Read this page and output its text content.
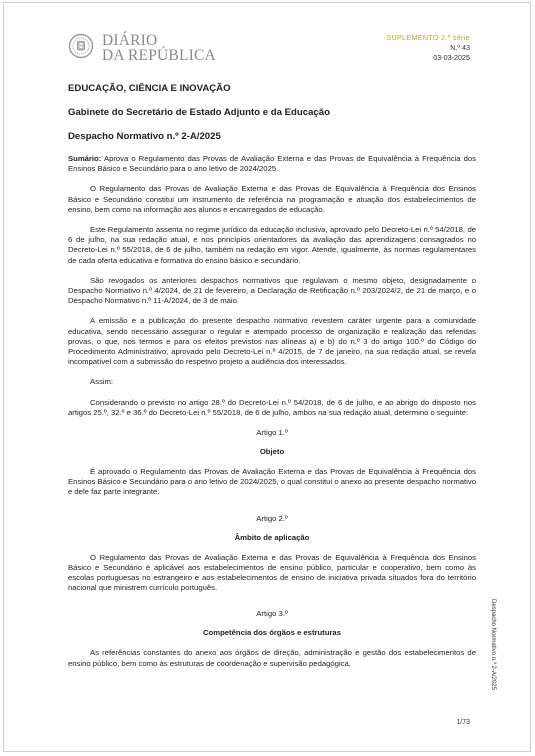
DIÁRIO
DA REPÚBLICA
SUPLEMENTO 2.ª série
N.º 43
03-03-2025
EDUCAÇÃO, CIÊNCIA E INOVAÇÃO
Gabinete do Secretário de Estado Adjunto e da Educação
Despacho Normativo n.º 2-A/2025

Sumário: Aprova o Regulamento das Provas de Avaliação Externa e das Provas de Equivalência à Frequência dos Ensinos Básico e Secundário para o ano letivo de 2024/2025.

O Regulamento das Provas de Avaliação Externa e das Provas de Equivalência à Frequência dos Ensinos Básico e Secundário constitui um instrumento de referência na programação e atuação dos estabelecimentos de ensino, bem como na informação aos alunos e encarregados de educação.

Este Regulamento assenta no regime jurídico da educação inclusiva, aprovado pelo Decreto-Lei n.º 54/2018, de 6 de julho, na sua redação atual, e nos princípios orientadores da avaliação das aprendizagens consagrados no Decreto-Lei n.º 55/2018, de 6 de julho, também na redação em vigor. Atende, igualmente, às normas regulamentares de cada oferta educativa e formativa do ensino básico e secundário.

São revogados os anteriores despachos normativos que regulavam o mesmo objeto, designadamente o Despacho Normativo n.º 4/2024, de 21 de fevereiro, a Declaração de Retificação n.º 203/2024/2, de 21 de março, e o Despacho Normativo n.º 11-A/2024, de 3 de maio.

A emissão e a publicação do presente despacho normativo revestem caráter urgente para a comunidade educativa, sendo necessário assegurar o regular e atempado processo de organização e realização das referidas provas, o que, nos termos e para os efeitos previstos nas alíneas a) e b) do n.º 3 do artigo 100.º do Código do Procedimento Administrativo, aprovado pelo Decreto-Lei n.º 4/2015, de 7 de janeiro, na sua redação atual, se revela incompatível com a submissão do respetivo projeto a audiência dos interessados.

Assim:

Considerando o previsto no artigo 28.º do Decreto-Lei n.º 54/2018, de 6 de julho, e ao abrigo do disposto nos artigos 25.º, 32.º e 36.º do Decreto-Lei n.º 55/2018, de 6 de julho, ambos na sua redação atual, determino o seguinte:

Artigo 1.º
Objeto

É aprovado o Regulamento das Provas de Avaliação Externa e das Provas de Equivalência à Frequência dos Ensinos Básico e Secundário para o ano letivo de 2024/2025, o qual constitui o anexo ao presente despacho normativo e dele faz parte integrante.

Artigo 2.º
Âmbito de aplicação

O Regulamento das Provas de Avaliação Externa e das Provas de Equivalência à Frequência dos Ensinos Básico e Secundário é aplicável aos estabelecimentos de ensino público, particular e cooperativo, bem como às escolas portuguesas no estrangeiro e aos estabelecimentos de ensino de iniciativa privada situados fora do território nacional que ministrem currículo português.

Artigo 3.º
Competência dos órgãos e estruturas

As referências constantes do anexo aos órgãos de direção, administração e gestão dos estabelecimentos de ensino público, bem como às estruturas de coordenação e supervisão pedagógica,	Despacho Normativo n.º 2-A/2025
1/73
